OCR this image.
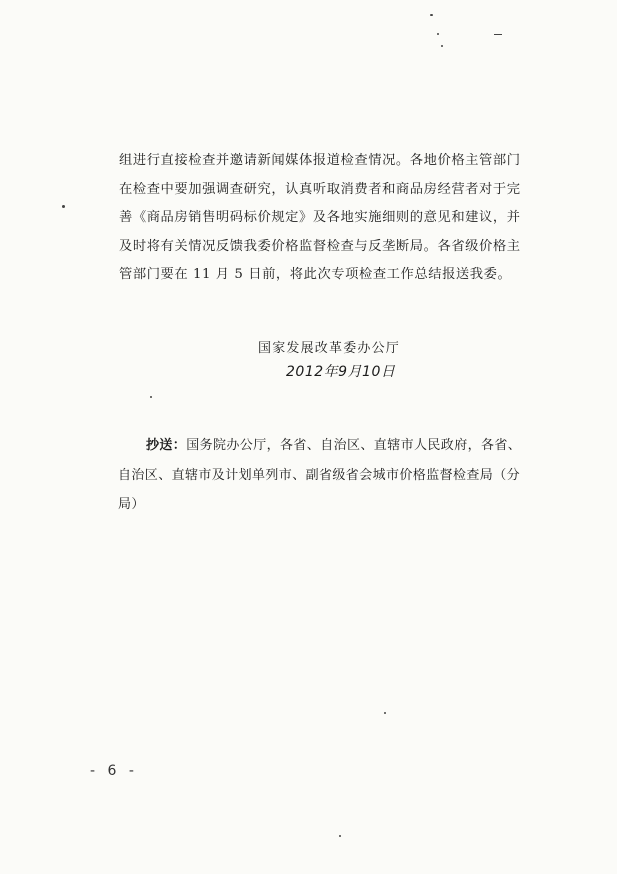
组进行直接检查并邀请新闻媒体报道检查情况。各地价格主管部门
在检查中要加强调查研究，认真听取消费者和商品房经营者对于完
善《商品房销售明码标价规定》及各地实施细则的意见和建议，并
及时将有关情况反馈我委价格监督检查与反垄断局。各省级价格主
管部门要在 11 月 5 日前，将此次专项检查工作总结报送我委。
国家发展改革委办公厅
2012年9月10日
抄送：国务院办公厅，各省、自治区、直辖市人民政府，各省、
自治区、直辖市及计划单列市、副省级省会城市价格监督检查局（分
局）
- 6 -
